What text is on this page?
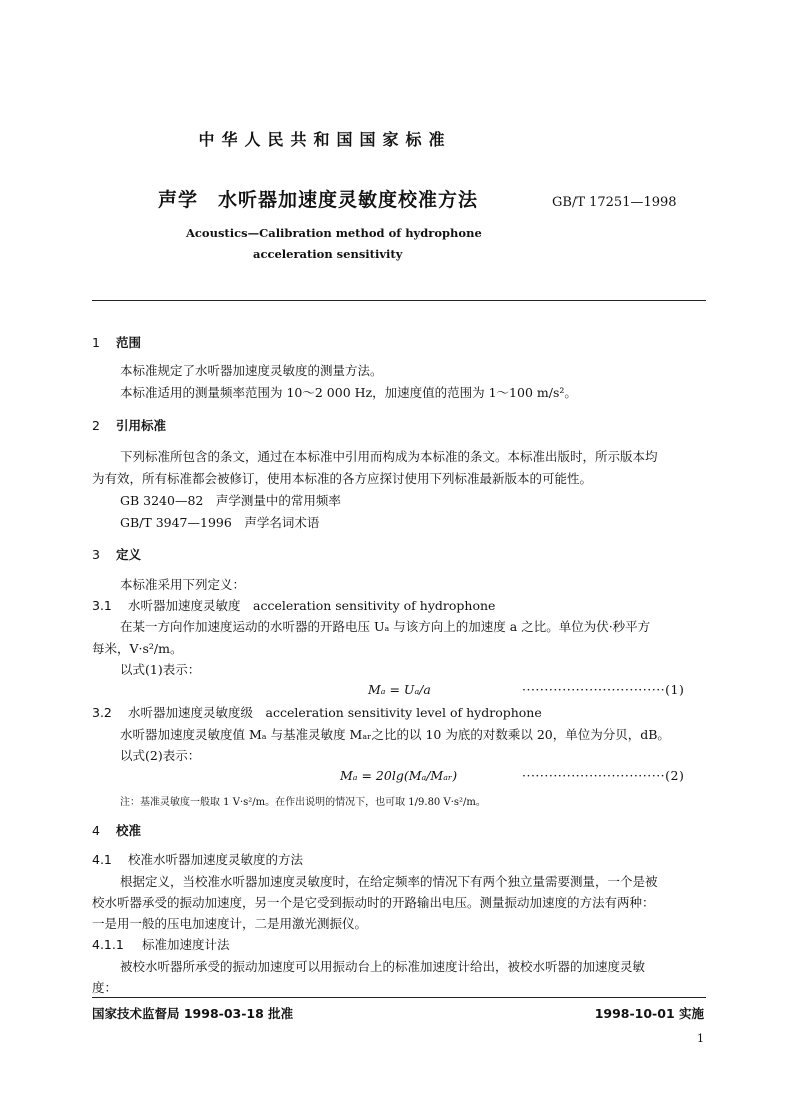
中华人民共和国国家标准
声学　水听器加速度灵敏度校准方法	GB/T 17251—1998
Acoustics—Calibration method of hydrophone
acceleration sensitivity
1 范围
本标准规定了水听器加速度灵敏度的测量方法。
本标准适用的测量频率范围为 10～2 000 Hz，加速度值的范围为 1～100 m/s²。
2 引用标准
下列标准所包含的条文，通过在本标准中引用而构成为本标准的条文。本标准出版时，所示版本均
为有效，所有标准都会被修订，使用本标准的各方应探讨使用下列标准最新版本的可能性。
GB 3240—82　声学测量中的常用频率
GB/T 3947—1996　声学名词术语
3 定义
本标准采用下列定义：
3.1 水听器加速度灵敏度　acceleration sensitivity of hydrophone
在某一方向作加速度运动的水听器的开路电压 Uₐ 与该方向上的加速度 a 之比。单位为伏·秒平方
每米，V·s²/m。
以式(1)表示：
Mₐ = Uₐ/a	································(1)
3.2 水听器加速度灵敏度级　acceleration sensitivity level of hydrophone
水听器加速度灵敏度值 Mₐ 与基准灵敏度 Mₐᵣ之比的以 10 为底的对数乘以 20，单位为分贝，dB。
以式(2)表示：
Mₐ = 20lg(Mₐ/Mₐᵣ)	································(2)
注：基准灵敏度一般取 1 V·s²/m。在作出说明的情况下，也可取 1/9.80 V·s²/m。
4 校准
4.1 校准水听器加速度灵敏度的方法
根据定义，当校准水听器加速度灵敏度时，在给定频率的情况下有两个独立量需要测量，一个是被
校水听器承受的振动加速度，另一个是它受到振动时的开路输出电压。测量振动加速度的方法有两种：
一是用一般的压电加速度计，二是用激光测振仪。
4.1.1 标准加速度计法
被校水听器所承受的振动加速度可以用振动台上的标准加速度计给出，被校水听器的加速度灵敏
度：
国家技术监督局 1998-03-18 批准	1998-10-01 实施
1
